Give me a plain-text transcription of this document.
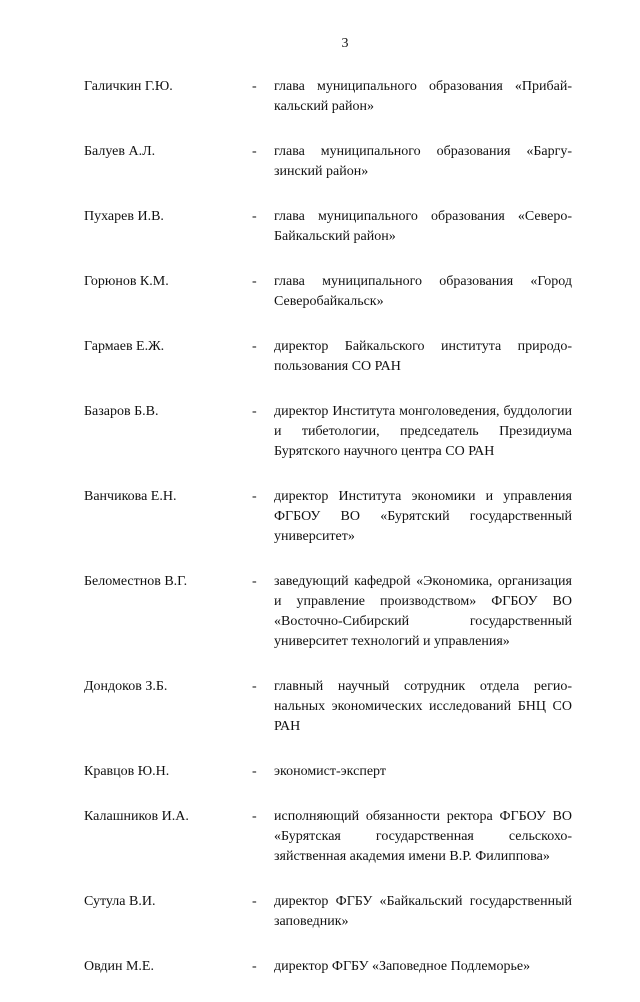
3
Галичкин Г.Ю.	-	глава муниципального образования «Прибайкальский район»
Балуев А.Л.	-	глава муниципального образования «Баргузинский район»
Пухарев И.В.	-	глава муниципального образования «Северо-Байкальский район»
Горюнов К.М.	-	глава муниципального образования «Город Северобайкальск»
Гармаев Е.Ж.	-	директор Байкальского института природопользования СО РАН
Базаров Б.В.	-	директор Института монголоведения, буддологии и тибетологии, председатель Президиума Бурятского научного центра СО РАН
Ванчикова Е.Н.	-	директор Института экономики и управления ФГБОУ ВО «Бурятский государственный университет»
Беломестнов В.Г.	-	заведующий кафедрой «Экономика, организация и управление производством» ФГБОУ ВО «Восточно-Сибирский государственный университет технологий и управления»
Дондоков З.Б.	-	главный научный сотрудник отдела региональных экономических исследований БНЦ СО РАН
Кравцов Ю.Н.	-	экономист-эксперт
Калашников И.А.	-	исполняющий обязанности ректора ФГБОУ ВО «Бурятская государственная сельскохозяйственная академия имени В.Р. Филиппова»
Сутула В.И.	-	директор ФГБУ «Байкальский государственный заповедник»
Овдин М.Е.	-	директор ФГБУ «Заповедное Подлеморье»
